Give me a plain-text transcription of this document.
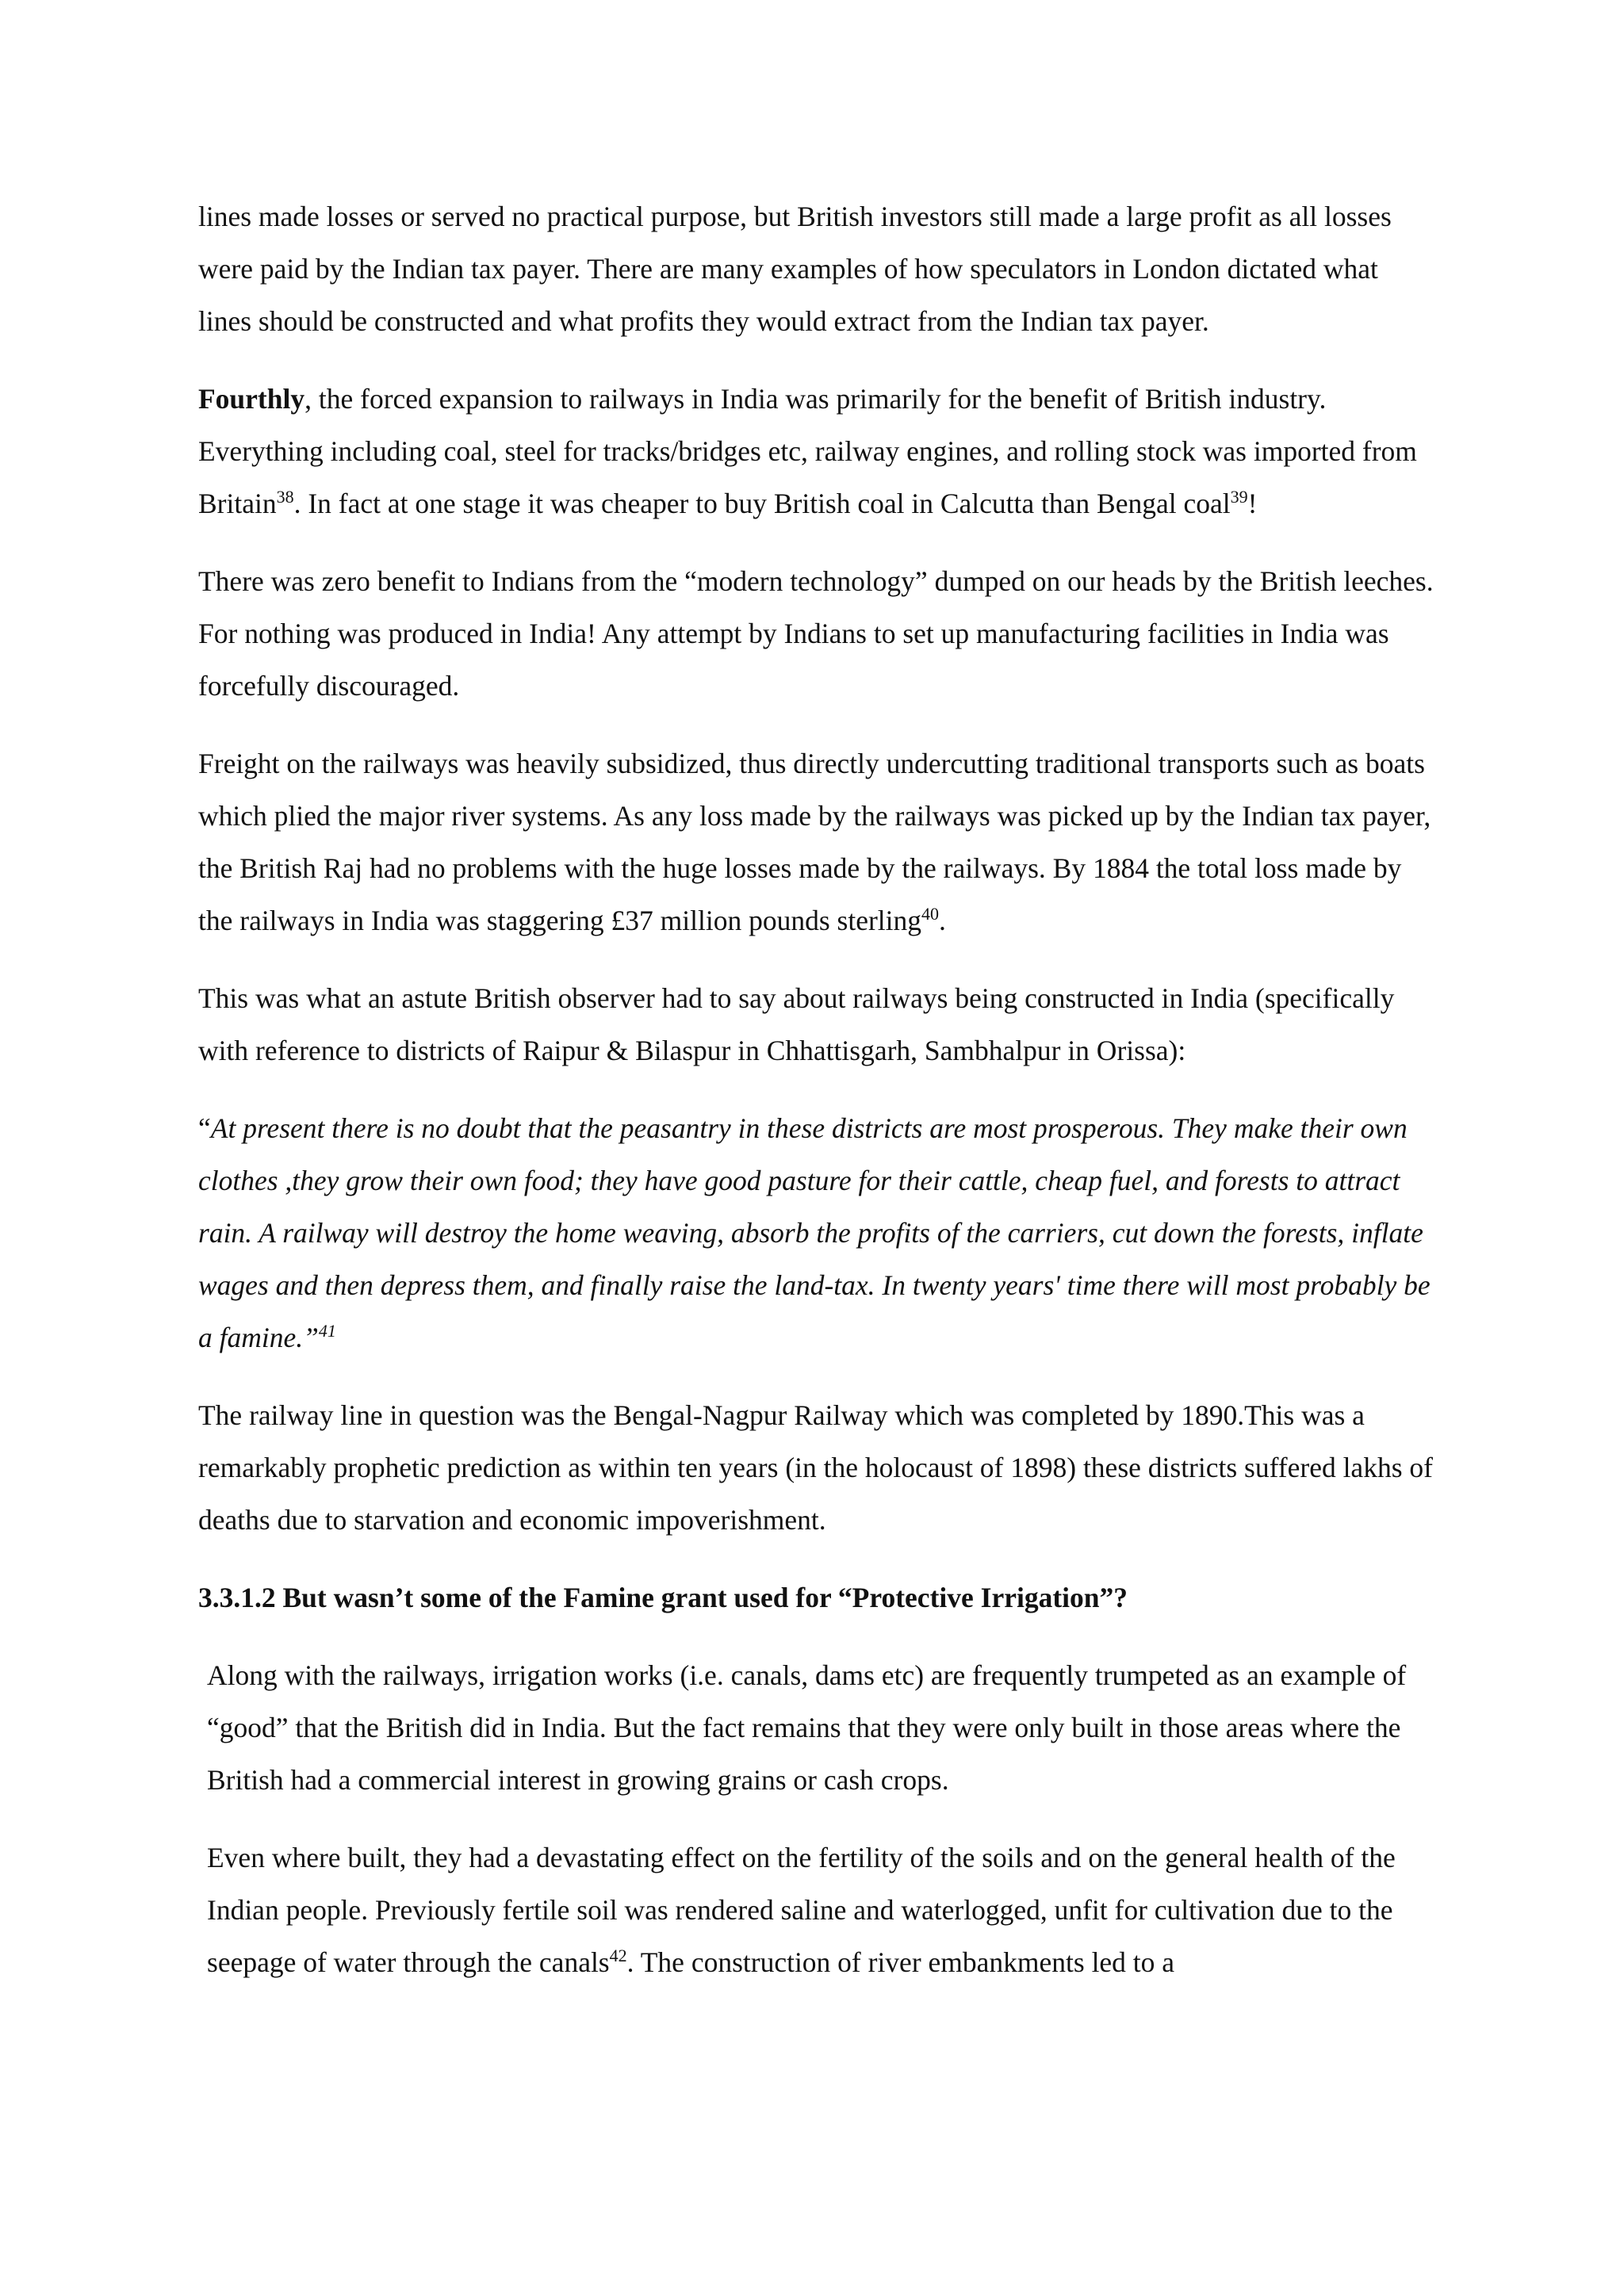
lines made losses or served no practical purpose, but British investors still made a large profit as all losses were paid by the Indian tax payer. There are many examples of how speculators in London dictated what lines should be constructed and what profits they would extract from the Indian tax payer.

Fourthly, the forced expansion to railways in India was primarily for the benefit of British industry. Everything including coal, steel for tracks/bridges etc, railway engines, and rolling stock was imported from Britain$^{38}$. In fact at one stage it was cheaper to buy British coal in Calcutta than Bengal coal$^{39}$!

There was zero benefit to Indians from the “modern technology” dumped on our heads by the British leeches. For nothing was produced in India! Any attempt by Indians to set up manufacturing facilities in India was forcefully discouraged.

Freight on the railways was heavily subsidized, thus directly undercutting traditional transports such as boats which plied the major river systems. As any loss made by the railways was picked up by the Indian tax payer, the British Raj had no problems with the huge losses made by the railways. By 1884 the total loss made by the railways in India was staggering £37 million pounds sterling$^{40}$.

This was what an astute British observer had to say about railways being constructed in India (specifically with reference to districts of Raipur & Bilaspur in Chhattisgarh, Sambhalpur in Orissa):

“At present there is no doubt that the peasantry in these districts are most prosperous. They make their own clothes ,they grow their own food; they have good pasture for their cattle, cheap fuel, and forests to attract rain. A railway will destroy the home weaving, absorb the profits of the carriers, cut down the forests, inflate wages and then depress them, and finally raise the land-tax. In twenty years' time there will most probably be a famine.”$^{41}$

The railway line in question was the Bengal-Nagpur Railway which was completed by 1890.This was a remarkably prophetic prediction as within ten years (in the holocaust of 1898) these districts suffered lakhs of deaths due to starvation and economic impoverishment.

3.3.1.2 But wasn’t some of the Famine grant used for “Protective Irrigation”?

Along with the railways, irrigation works (i.e. canals, dams etc) are frequently trumpeted as an example of “good” that the British did in India. But the fact remains that they were only built in those areas where the British had a commercial interest in growing grains or cash crops.

Even where built, they had a devastating effect on the fertility of the soils and on the general health of the Indian people. Previously fertile soil was rendered saline and waterlogged, unfit for cultivation due to the seepage of water through the canals$^{42}$. The construction of river embankments led to a
